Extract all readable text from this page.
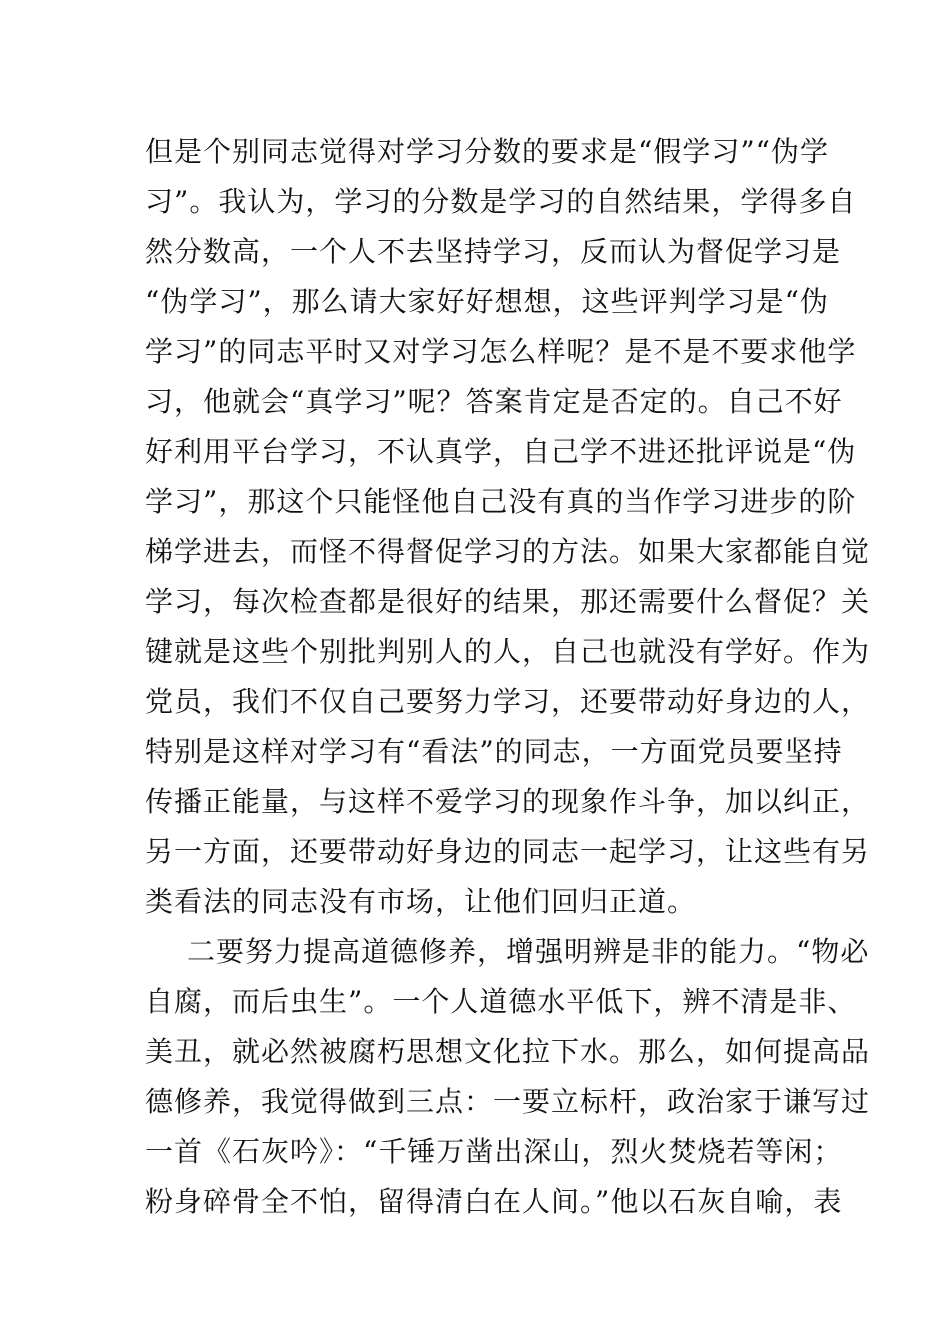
但是个别同志觉得对学习分数的要求是“假学习”“伪学
习”。我认为，学习的分数是学习的自然结果，学得多自
然分数高，一个人不去坚持学习，反而认为督促学习是
“伪学习”，那么请大家好好想想，这些评判学习是“伪
学习”的同志平时又对学习怎么样呢？是不是不要求他学
习，他就会“真学习”呢？答案肯定是否定的。自己不好
好利用平台学习，不认真学，自己学不进还批评说是“伪
学习”，那这个只能怪他自己没有真的当作学习进步的阶
梯学进去，而怪不得督促学习的方法。如果大家都能自觉
学习，每次检查都是很好的结果，那还需要什么督促？关
键就是这些个别批判别人的人，自己也就没有学好。作为
党员，我们不仅自己要努力学习，还要带动好身边的人，
特别是这样对学习有“看法”的同志，一方面党员要坚持
传播正能量，与这样不爱学习的现象作斗争，加以纠正，
另一方面，还要带动好身边的同志一起学习，让这些有另
类看法的同志没有市场，让他们回归正道。
二要努力提高道德修养，增强明辨是非的能力。“物必
自腐，而后虫生”。一个人道德水平低下，辨不清是非、
美丑，就必然被腐朽思想文化拉下水。那么，如何提高品
德修养，我觉得做到三点：一要立标杆，政治家于谦写过
一首《石灰吟》：“千锤万凿出深山，烈火焚烧若等闲；
粉身碎骨全不怕，留得清白在人间。”他以石灰自喻，表
